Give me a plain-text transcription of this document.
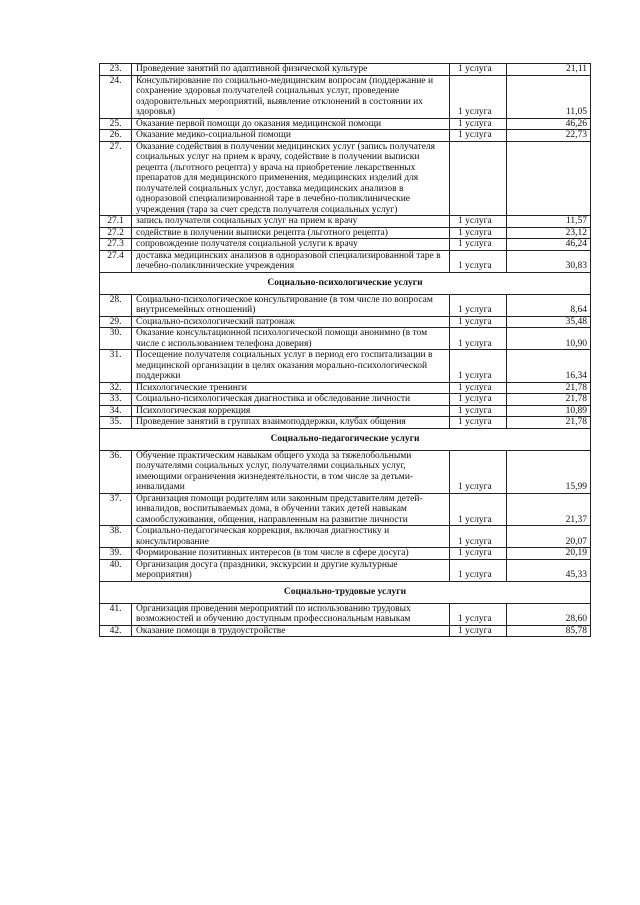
23.	Проведение занятий по адаптивной физической культуре	1 услуга	21,11
24.	Консультирование по социально-медицинским вопросам (поддержание и сохранение здоровья получателей социальных услуг, проведение оздоровительных мероприятий, выявление отклонений в состоянии их здоровья)	1 услуга	11,05
25.	Оказание первой помощи до оказания медицинской помощи	1 услуга	46,26
26.	Оказание медико-социальной помощи	1 услуга	22,73
27.	Оказание содействия в получении медицинских услуг (запись получателя социальных услуг на прием к врачу, содействие в получении выписки рецепта (льготного рецепта) у врача на приобретение лекарственных препаратов для медицинского применения, медицинских изделий для получателей социальных услуг, доставка медицинских анализов в одноразовой специализированной таре в лечебно-поликлинические учреждения (тара за счет средств получателя социальных услуг)		
27.1	запись получателя социальных услуг на прием к врачу	1 услуга	11,57
27.2	содействие в получении выписки рецепта (льготного рецепта)	1 услуга	23,12
27.3	сопровождение получателя социальной услуги к врачу	1 услуга	46,24
27.4	доставка медицинских анализов в одноразовой специализированной таре в лечебно-поликлинические учреждения	1 услуга	30,83
Социально-психологические услуги			
28.	Социально-психологическое консультирование (в том числе по вопросам внутрисемейных отношений)	1 услуга	8,64
29.	Социально-психологический патронаж	1 услуга	35,48
30.	Оказание консультационной психологической помощи анонимно (в том числе с использованием телефона доверия)	1 услуга	10,90
31.	Посещение получателя социальных услуг в период его госпитализации в медицинской организации в целях оказания морально-психологической поддержки	1 услуга	16,34
32.	Психологические тренинги	1 услуга	21,78
33.	Социально-психологическая диагностика и обследование личности	1 услуга	21,78
34.	Психологическая коррекция	1 услуга	10,89
35.	Проведение занятий в группах взаимоподдержки, клубах общения	1 услуга	21,78
Социально-педагогические услуги			
36.	Обучение практическим навыкам общего ухода за тяжелобольными получателями социальных услуг, получателями социальных услуг, имеющими ограничения жизнедеятельности, в том числе за детьми-инвалидами	1 услуга	15,99
37.	Организация помощи родителям или законным представителям детей-инвалидов, воспитываемых дома, в обучении таких детей навыкам самообслуживания, общения, направленным на развитие личности	1 услуга	21,37
38.	Социально-педагогическая коррекция, включая диагностику и консультирование	1 услуга	20,07
39.	Формирование позитивных интересов (в том числе в сфере досуга)	1 услуга	20,19
40.	Организация досуга (праздники, экскурсии и другие культурные мероприятия)	1 услуга	45,33
Социально-трудовые услуги			
41.	Организация проведения мероприятий по использованию трудовых возможностей и обучению доступным профессиональным навыкам	1 услуга	28,60
42.	Оказание помощи в трудоустройстве	1 услуга	85,78
